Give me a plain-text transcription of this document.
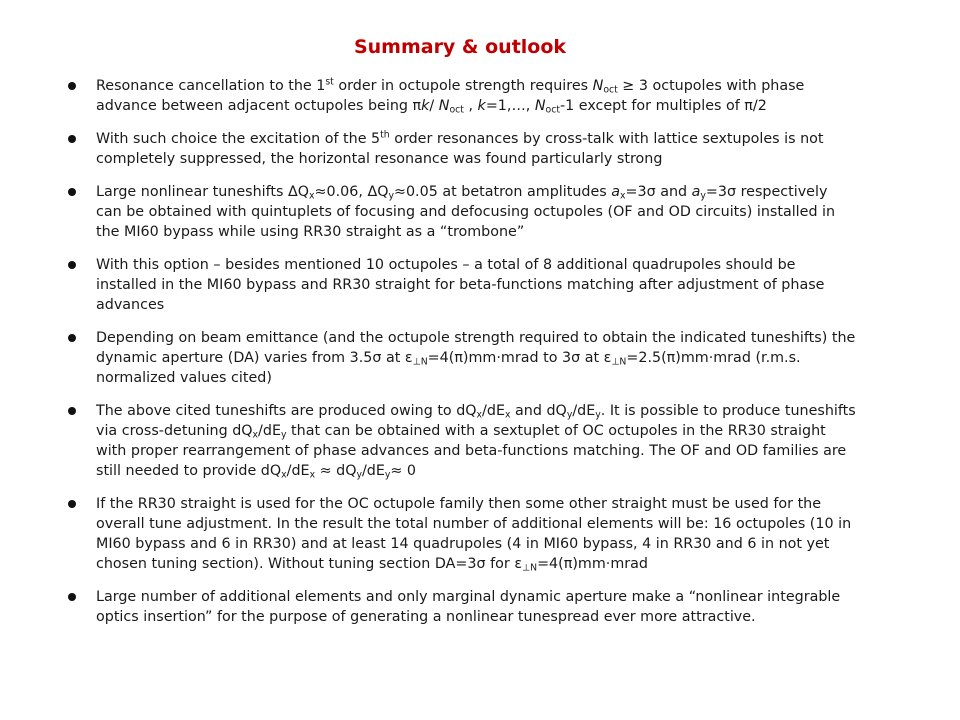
Summary & outlook
Resonance cancellation to the 1st order in octupole strength requires $N_{oct} \ge 3$ octupoles with phase advance between adjacent octupoles being πk/ $N_{oct}$ , k=1,…, $N_{oct}-1$ except for multiples of π/2
With such choice the excitation of the 5th order resonances by cross-talk with lattice sextupoles is not completely suppressed, the horizontal resonance was found particularly strong
Large nonlinear tuneshifts $\Delta Q_x\approx 0.06$, $\Delta Q_y\approx 0.05$ at betatron amplitudes $a_x=3\sigma$ and $a_y=3\sigma$ respectively can be obtained with quintuplets of focusing and defocusing octupoles (OF and OD circuits) installed in the MI60 bypass while using RR30 straight as a “trombone”
With this option – besides mentioned 10 octupoles – a total of 8 additional quadrupoles should be installed in the MI60 bypass and RR30 straight for beta-functions matching after adjustment of phase advances
Depending on beam emittance (and the octupole strength required to obtain the indicated tuneshifts) the dynamic aperture (DA) varies from 3.5σ at $\varepsilon_{\perp N}=4(\pi)mm\cdot mrad$ to 3σ at $\varepsilon_{\perp N}=2.5(\pi)mm\cdot mrad$ (r.m.s. normalized values cited)
The above cited tuneshifts are produced owing to $dQ_x/dE_x$ and $dQ_y/dE_y$. It is possible to produce tuneshifts via cross-detuning $dQ_x/dE_y$ that can be obtained with a sextuplet of OC octupoles in the RR30 straight with proper rearrangement of phase advances and beta-functions matching. The OF and OD families are still needed to provide $dQ_x/dE_x \approx dQ_y/dE_y\approx 0$
If the RR30 straight is used for the OC octupole family then some other straight must be used for the overall tune adjustment. In the result the total number of additional elements will be: 16 octupoles (10 in MI60 bypass and 6 in RR30) and at least 14 quadrupoles (4 in MI60 bypass, 4 in RR30 and 6 in not yet chosen tuning section). Without tuning section DA=3σ for $\varepsilon_{\perp N}=4(\pi)mm\cdot mrad$
Large number of additional elements and only marginal dynamic aperture make a “nonlinear integrable optics insertion” for the purpose of generating a nonlinear tunespread ever more attractive.
